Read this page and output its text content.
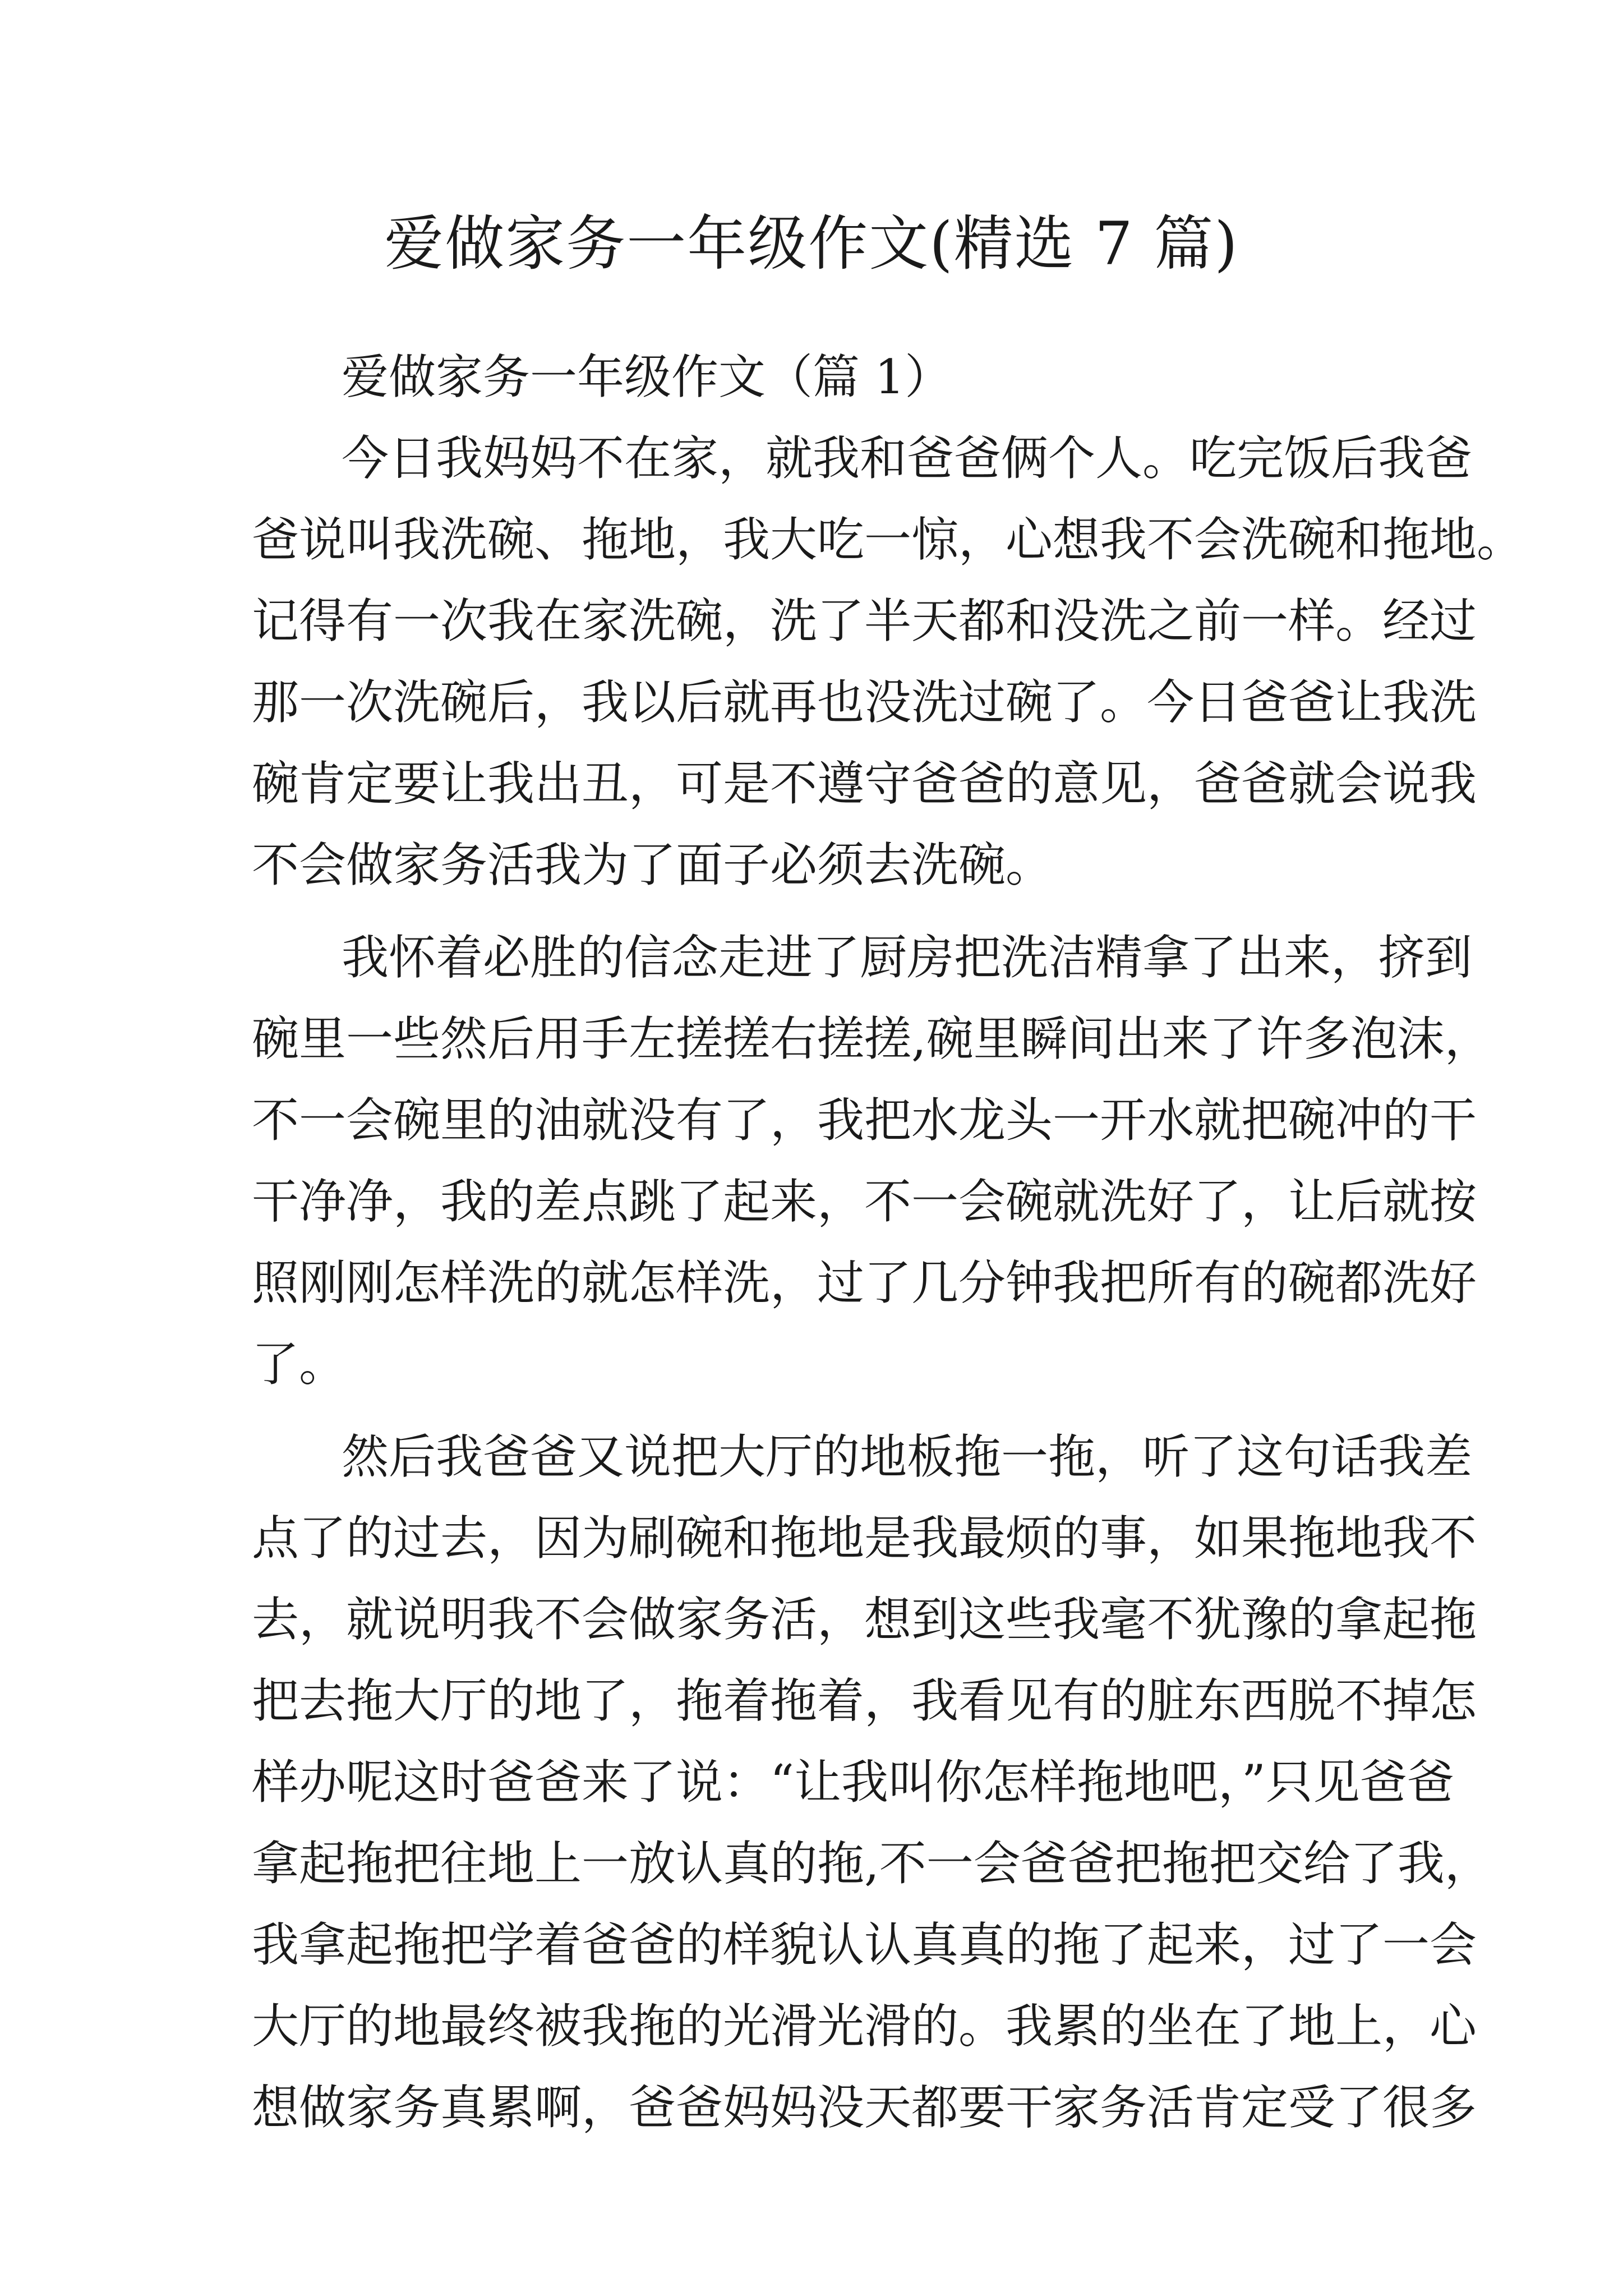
爱做家务一年级作文(精选 7 篇)
爱做家务一年级作文（篇 1）
今日我妈妈不在家，就我和爸爸俩个人。吃完饭后我爸
爸说叫我洗碗、拖地，我大吃一惊，心想我不会洗碗和拖地。
记得有一次我在家洗碗，洗了半天都和没洗之前一样。经过
那一次洗碗后，我以后就再也没洗过碗了。今日爸爸让我洗
碗肯定要让我出丑，可是不遵守爸爸的意见，爸爸就会说我
不会做家务活我为了面子必须去洗碗。
我怀着必胜的信念走进了厨房把洗洁精拿了出来，挤到
碗里一些然后用手左搓搓右搓搓,碗里瞬间出来了许多泡沫，
不一会碗里的油就没有了，我把水龙头一开水就把碗冲的干
干净净，我的差点跳了起来，不一会碗就洗好了，让后就按
照刚刚怎样洗的就怎样洗，过了几分钟我把所有的碗都洗好
了。
然后我爸爸又说把大厅的地板拖一拖，听了这句话我差
点了的过去，因为刷碗和拖地是我最烦的事，如果拖地我不
去，就说明我不会做家务活，想到这些我毫不犹豫的拿起拖
把去拖大厅的地了，拖着拖着，我看见有的脏东西脱不掉怎
样办呢这时爸爸来了说：“让我叫你怎样拖地吧，”只见爸爸
拿起拖把往地上一放认真的拖,不一会爸爸把拖把交给了我，
我拿起拖把学着爸爸的样貌认认真真的拖了起来，过了一会
大厅的地最终被我拖的光滑光滑的。我累的坐在了地上，心
想做家务真累啊，爸爸妈妈没天都要干家务活肯定受了很多
